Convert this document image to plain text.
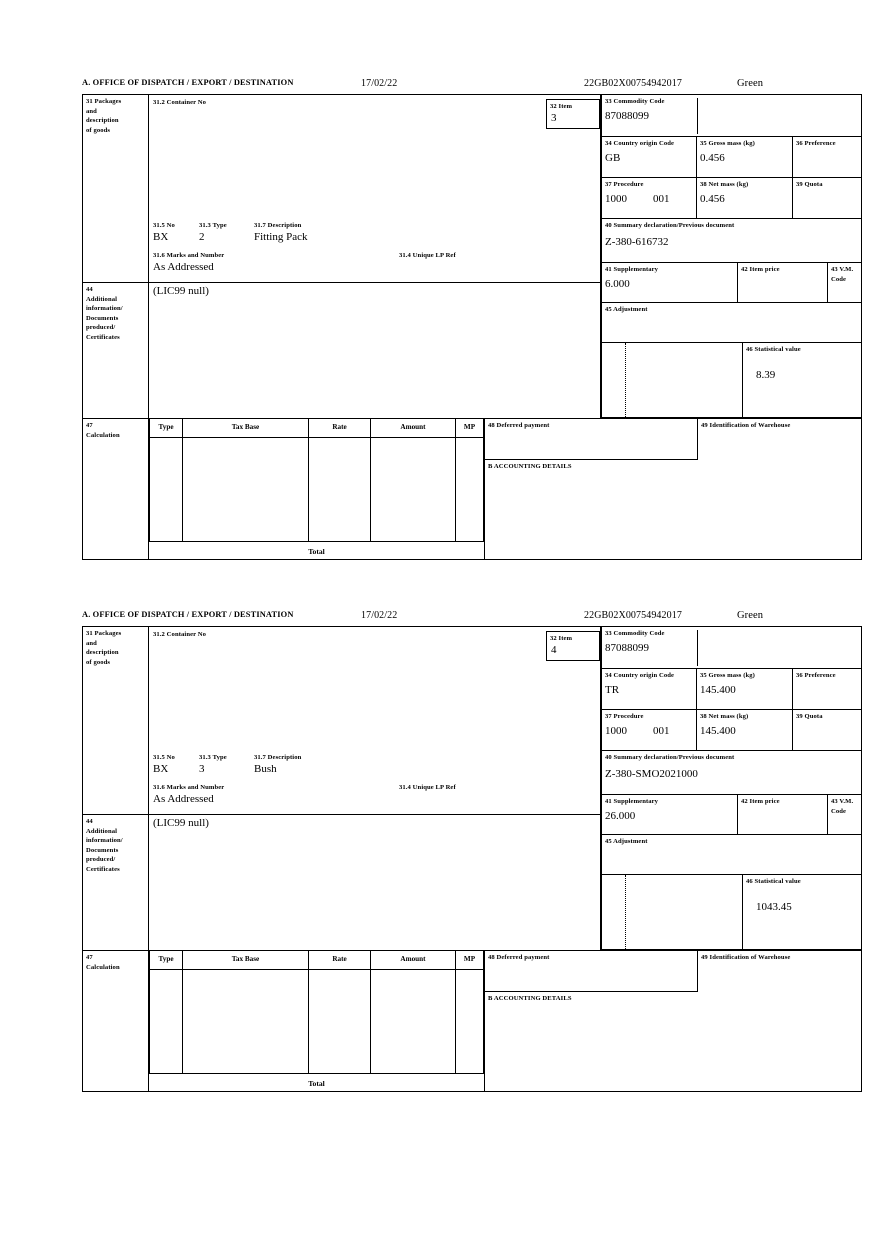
A. OFFICE OF DISPATCH / EXPORT / DESTINATION	17/02/22	22GB02X00754942017	Green
31 Packages
and
description
of goods
31.2 Container No
32 Item
3
31.5 No	31.3 Type	31.7 Description
BX	2	Fitting Pack
31.6 Marks and Number	31.4 Unique LP Ref
As Addressed
44
Additional
information/
Documents
produced/
Certificates
(LIC99 null)
33 Commodity Code
87088099
34 Country origin Code
GB
35 Gross mass (kg)
0.456
36 Preference
37 Procedure
1000 001
38 Net mass (kg)
0.456
39 Quota
40 Summary declaration/Previous document
Z-380-616732
41 Supplementary
6.000
42 Item price	43 V.M. Code
45 Adjustment
46 Statistical value
8.39
47
Calculation
Type	Tax Base	Rate	Amount	MP
Total
48 Deferred payment	49 Identification of Warehouse
B ACCOUNTING DETAILS
A. OFFICE OF DISPATCH / EXPORT / DESTINATION	17/02/22	22GB02X00754942017	Green
31 Packages
and
description
of goods
31.2 Container No
32 Item
4
31.5 No	31.3 Type	31.7 Description
BX	3	Bush
31.6 Marks and Number	31.4 Unique LP Ref
As Addressed
44
Additional
information/
Documents
produced/
Certificates
(LIC99 null)
33 Commodity Code
87088099
34 Country origin Code
TR
35 Gross mass (kg)
145.400
36 Preference
37 Procedure
1000 001
38 Net mass (kg)
145.400
39 Quota
40 Summary declaration/Previous document
Z-380-SMO2021000
41 Supplementary
26.000
42 Item price	43 V.M. Code
45 Adjustment
46 Statistical value
1043.45
47
Calculation
Type	Tax Base	Rate	Amount	MP
Total
48 Deferred payment	49 Identification of Warehouse
B ACCOUNTING DETAILS
